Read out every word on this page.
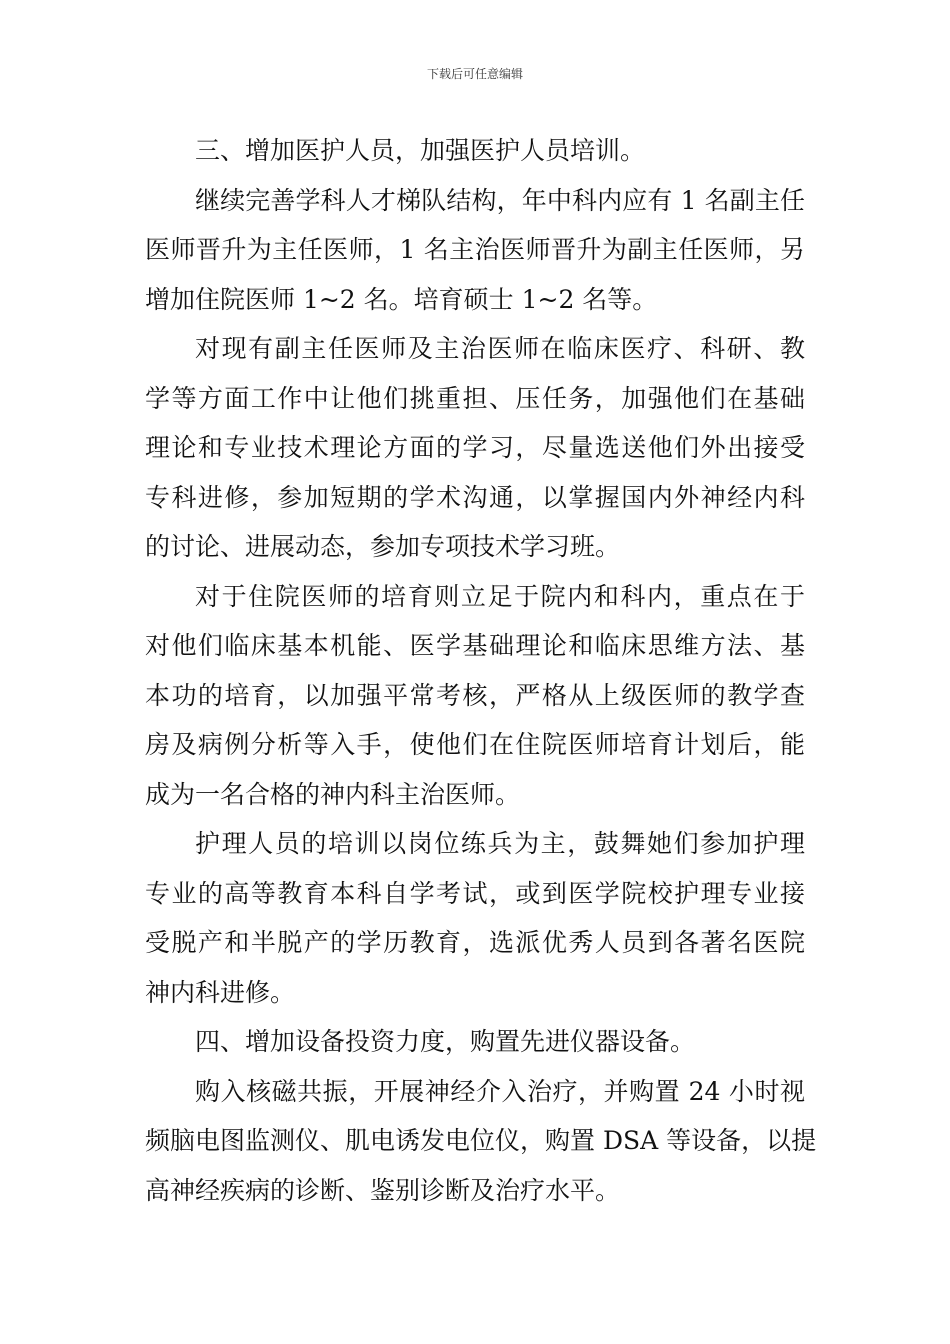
下载后可任意编辑

三、增加医护人员，加强医护人员培训。

继续完善学科人才梯队结构，年中科内应有 1 名副主任
医师晋升为主任医师，1 名主治医师晋升为副主任医师，另
增加住院医师 1~2 名。培育硕士 1~2 名等。

对现有副主任医师及主治医师在临床医疗、科研、教
学等方面工作中让他们挑重担、压任务，加强他们在基础
理论和专业技术理论方面的学习，尽量选送他们外出接受
专科进修，参加短期的学术沟通，以掌握国内外神经内科
的讨论、进展动态，参加专项技术学习班。

对于住院医师的培育则立足于院内和科内，重点在于
对他们临床基本机能、医学基础理论和临床思维方法、基
本功的培育，以加强平常考核，严格从上级医师的教学查
房及病例分析等入手，使他们在住院医师培育计划后，能
成为一名合格的神内科主治医师。

护理人员的培训以岗位练兵为主，鼓舞她们参加护理
专业的高等教育本科自学考试，或到医学院校护理专业接
受脱产和半脱产的学历教育，选派优秀人员到各著名医院
神内科进修。

四、增加设备投资力度，购置先进仪器设备。

购入核磁共振，开展神经介入治疗，并购置 24 小时视
频脑电图监测仪、肌电诱发电位仪，购置 DSA 等设备，以提
高神经疾病的诊断、鉴别诊断及治疗水平。
